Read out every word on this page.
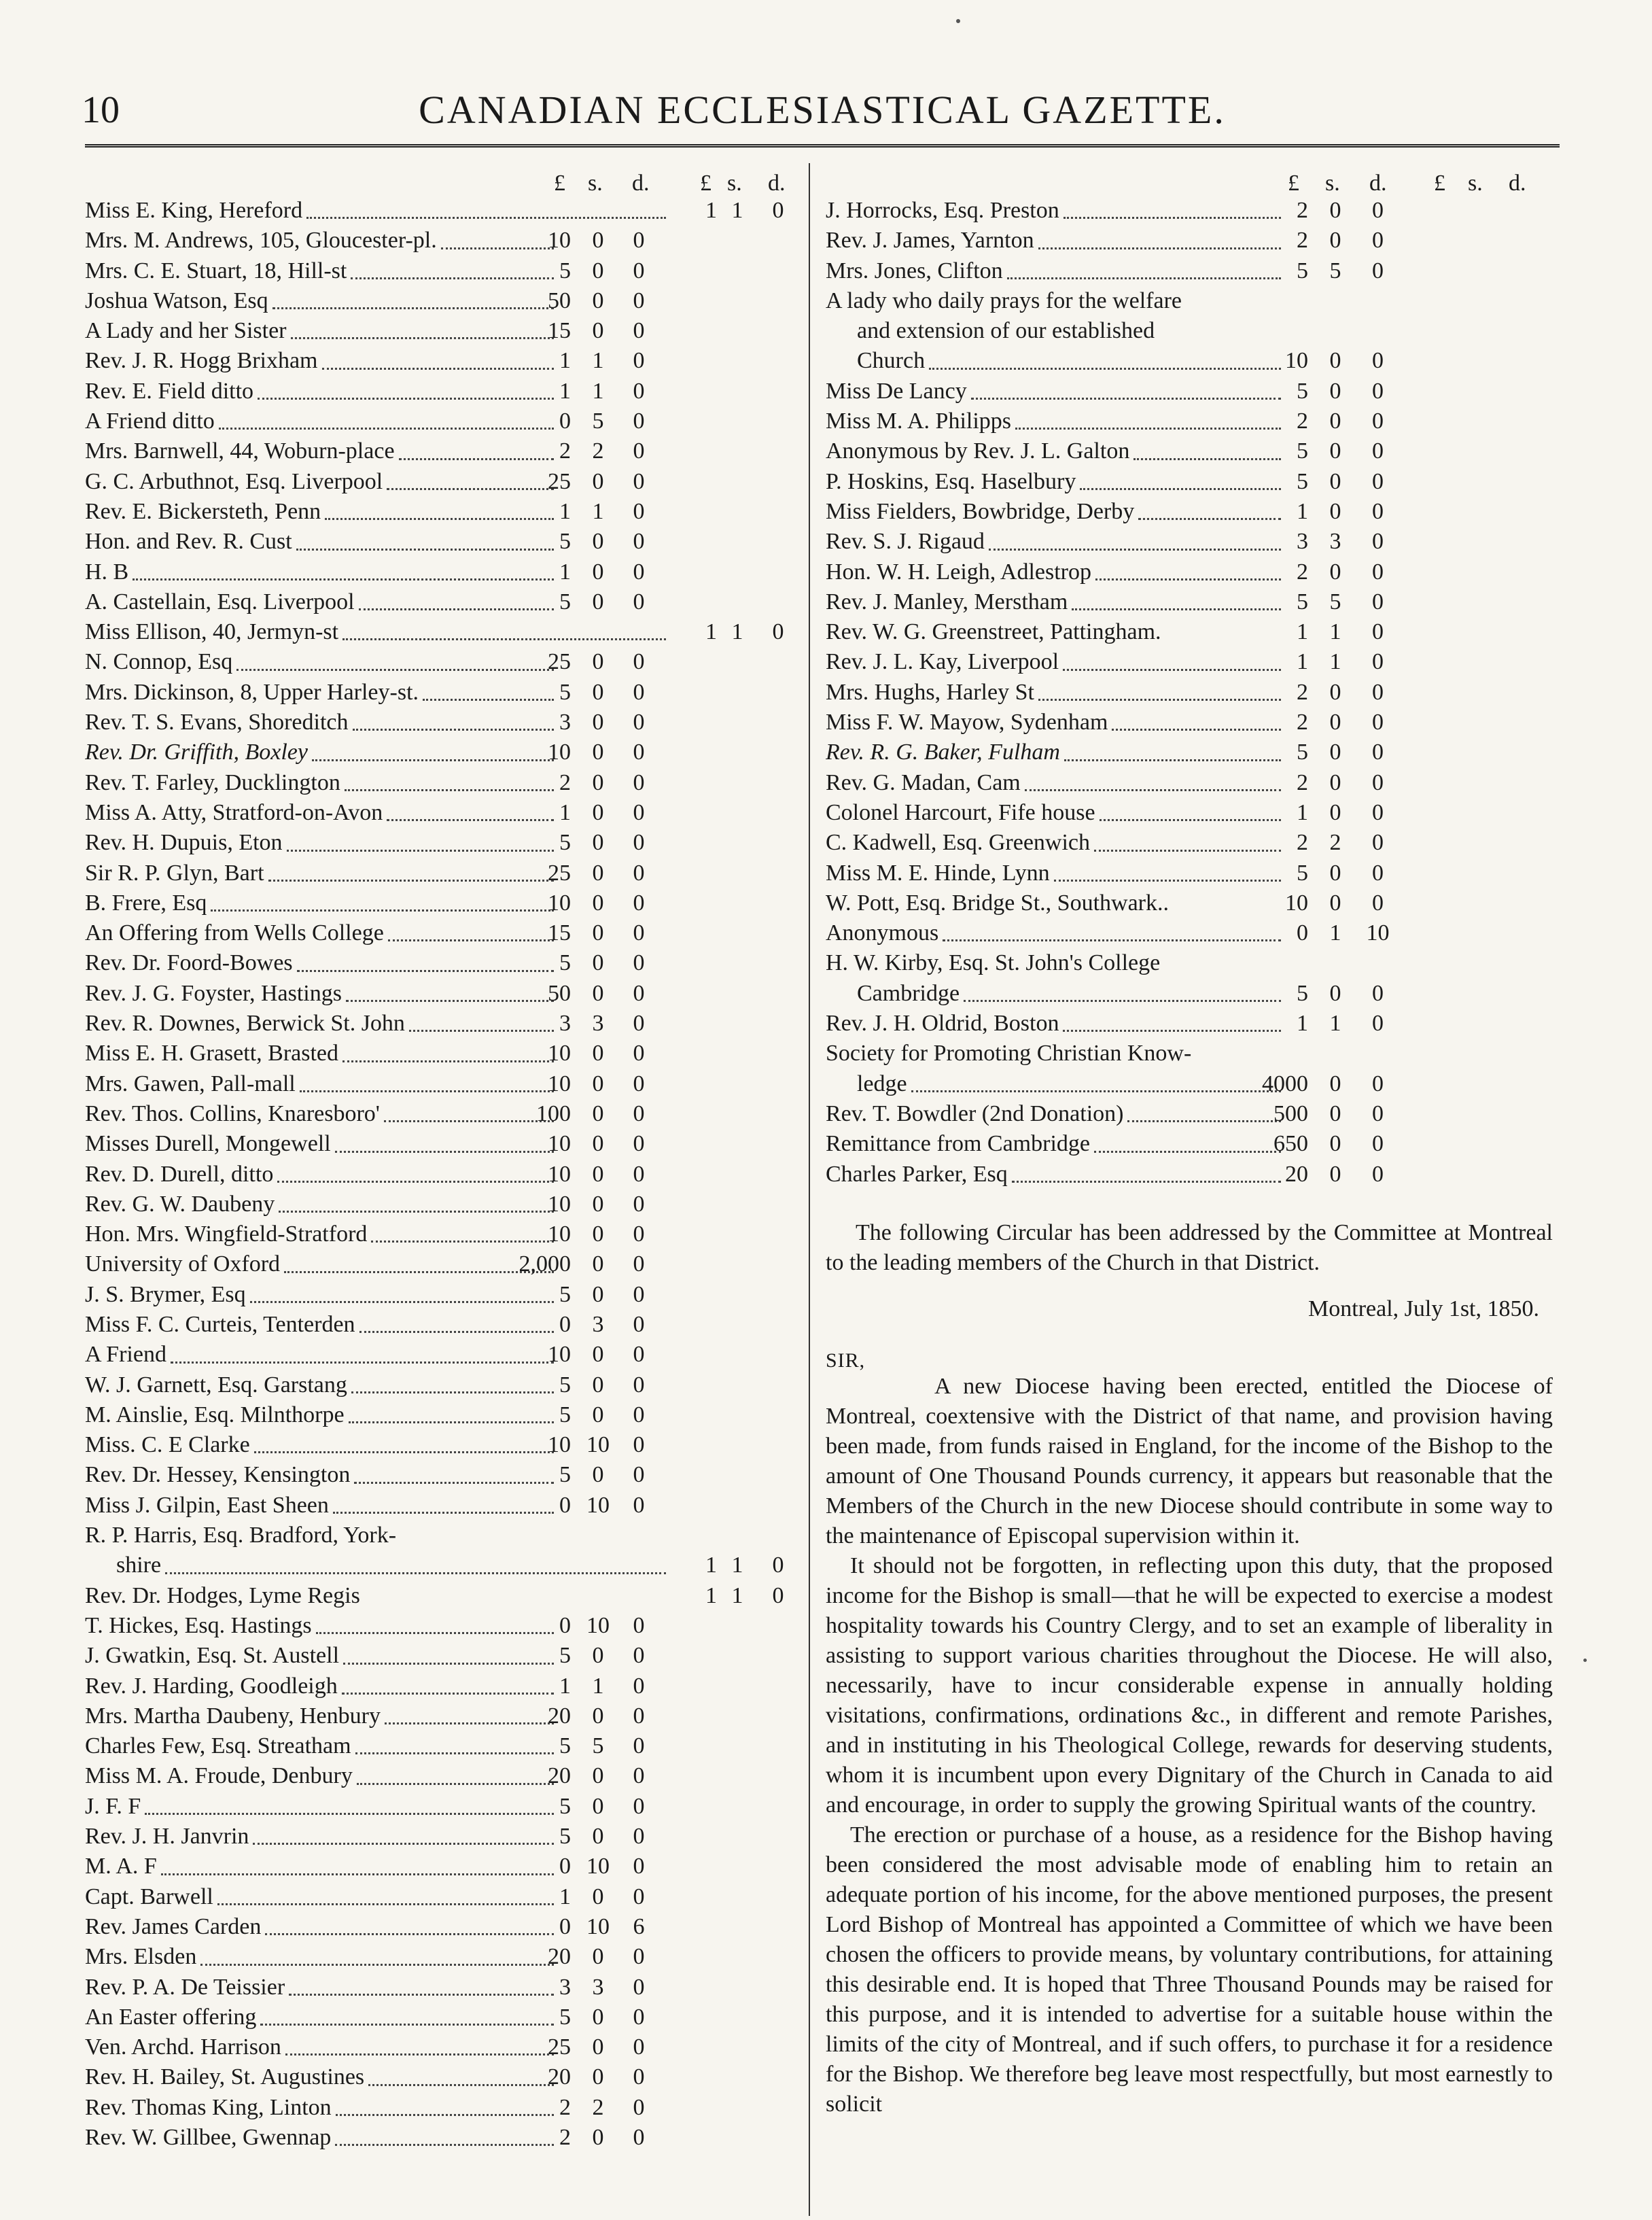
10	CANADIAN ECCLESIASTICAL GAZETTE.
£ s. d. £ s. d.
Miss E. King, Hereford	1 1	0
Mrs. M. Andrews, 105, Gloucester-pl.	10 0	0
Mrs. C. E. Stuart, 18, Hill-st	5 0	0
Joshua Watson, Esq	50 0	0
A Lady and her Sister	15 0	0
Rev. J. R. Hogg Brixham	1 1	0
Rev. E. Field ditto	1 1	0
A Friend ditto	0 5	0
Mrs. Barnwell, 44, Woburn-place	2 2	0
G. C. Arbuthnot, Esq. Liverpool	25 0	0
Rev. E. Bickersteth, Penn	1 1	0
Hon. and Rev. R. Cust	5 0	0
H. B	1 0	0
A. Castellain, Esq. Liverpool	5 0	0
Miss Ellison, 40, Jermyn-st	1 1	0
N. Connop, Esq	25 0	0
Mrs. Dickinson, 8, Upper Harley-st.	5 0	0
Rev. T. S. Evans, Shoreditch	3 0	0
Rev. Dr. Griffith, Boxley	10 0	0
Rev. T. Farley, Ducklington	2 0	0
Miss A. Atty, Stratford-on-Avon	1 0	0
Rev. H. Dupuis, Eton	5 0	0
Sir R. P. Glyn, Bart	25 0	0
B. Frere, Esq	10 0	0
An Offering from Wells College	15 0	0
Rev. Dr. Foord-Bowes	5 0	0
Rev. J. G. Foyster, Hastings	50 0	0
Rev. R. Downes, Berwick St. John	3 3	0
Miss E. H. Grasett, Brasted	10 0	0
Mrs. Gawen, Pall-mall	10 0	0
Rev. Thos. Collins, Knaresboro'	100 0	0
Misses Durell, Mongewell	10 0	0
Rev. D. Durell, ditto	10 0	0
Rev. G. W. Daubeny	10 0	0
Hon. Mrs. Wingfield-Stratford	10 0	0
University of Oxford	2,000 0	0
J. S. Brymer, Esq	5 0	0
Miss F. C. Curteis, Tenterden	0 3	0
A Friend	10 0	0
W. J. Garnett, Esq. Garstang	5 0	0
M. Ainslie, Esq. Milnthorpe	5 0	0
Miss. C. E Clarke	10 10	0
Rev. Dr. Hessey, Kensington	5 0	0
Miss J. Gilpin, East Sheen	0 10	0
R. P. Harris, Esq. Bradford, York-
shire	1 1	0
Rev. Dr. Hodges, Lyme Regis	1 1	0
T. Hickes, Esq. Hastings	0 10	0
J. Gwatkin, Esq. St. Austell	5 0	0
Rev. J. Harding, Goodleigh	1 1	0
Mrs. Martha Daubeny, Henbury	20 0	0
Charles Few, Esq. Streatham	5 5	0
Miss M. A. Froude, Denbury	20 0	0
J. F. F	5 0	0
Rev. J. H. Janvrin	5 0	0
M. A. F	0 10	0
Capt. Barwell	1 0	0
Rev. James Carden	0 10	6
Mrs. Elsden	20 0	0
Rev. P. A. De Teissier	3 3	0
An Easter offering	5 0	0
Ven. Archd. Harrison	25 0	0
Rev. H. Bailey, St. Augustines	20 0	0
Rev. Thomas King, Linton	2 2	0
Rev. W. Gillbee, Gwennap	2 0	0
£ s. d. £ s. d.
J. Horrocks, Esq. Preston	2 0	0
Rev. J. James, Yarnton	2 0	0
Mrs. Jones, Clifton	5 5	0
A lady who daily prays for the welfare
and extension of our established
Church	10 0	0
Miss De Lancy	5 0	0
Miss M. A. Philipps	2 0	0
Anonymous by Rev. J. L. Galton	5 0	0
P. Hoskins, Esq. Haselbury	5 0	0
Miss Fielders, Bowbridge, Derby	1 0	0
Rev. S. J. Rigaud	3 3	0
Hon. W. H. Leigh, Adlestrop	2 0	0
Rev. J. Manley, Merstham	5 5	0
Rev. W. G. Greenstreet, Pattingham.	1 1	0
Rev. J. L. Kay, Liverpool	1 1	0
Mrs. Hughs, Harley St	2 0	0
Miss F. W. Mayow, Sydenham	2 0	0
Rev. R. G. Baker, Fulham	5 0	0
Rev. G. Madan, Cam	2 0	0
Colonel Harcourt, Fife house	1 0	0
C. Kadwell, Esq. Greenwich	2 2	0
Miss M. E. Hinde, Lynn	5 0	0
W. Pott, Esq. Bridge St., Southwark..	10 0	0
Anonymous	0 1	10
H. W. Kirby, Esq. St. John's College
Cambridge	5 0	0
Rev. J. H. Oldrid, Boston	1 1	0
Society for Promoting Christian Know-
ledge	4000 0	0
Rev. T. Bowdler (2nd Donation)	500 0	0
Remittance from Cambridge	650 0	0
Charles Parker, Esq	20 0	0
The following Circular has been addressed by the Committee at Montreal to the leading members of the Church in that District.
Montreal, July 1st, 1850.
SIR,

A new Diocese having been erected, entitled the Diocese of Montreal, coextensive with the District of that name, and provision having been made, from funds raised in England, for the income of the Bishop to the amount of One Thousand Pounds currency, it appears but reasonable that the Members of the Church in the new Diocese should contribute in some way to the maintenance of Episcopal supervision within it.

It should not be forgotten, in reflecting upon this duty, that the proposed income for the Bishop is small—that he will be expected to exercise a modest hospitality towards his Country Clergy, and to set an example of liberality in assisting to support various charities throughout the Diocese. He will also, necessarily, have to incur considerable expense in annually holding visitations, confirmations, ordinations &c., in different and remote Parishes, and in instituting in his Theological College, rewards for deserving students, whom it is incumbent upon every Dignitary of the Church in Canada to aid and encourage, in order to supply the growing Spiritual wants of the country.

The erection or purchase of a house, as a residence for the Bishop having been considered the most advisable mode of enabling him to retain an adequate portion of his income, for the above mentioned purposes, the present Lord Bishop of Montreal has appointed a Committee of which we have been chosen the officers to provide means, by voluntary contributions, for attaining this desirable end. It is hoped that Three Thousand Pounds may be raised for this purpose, and it is intended to advertise for a suitable house within the limits of the city of Montreal, and if such offers, to purchase it for a residence for the Bishop. We therefore beg leave most respectfully, but most earnestly to solicit
